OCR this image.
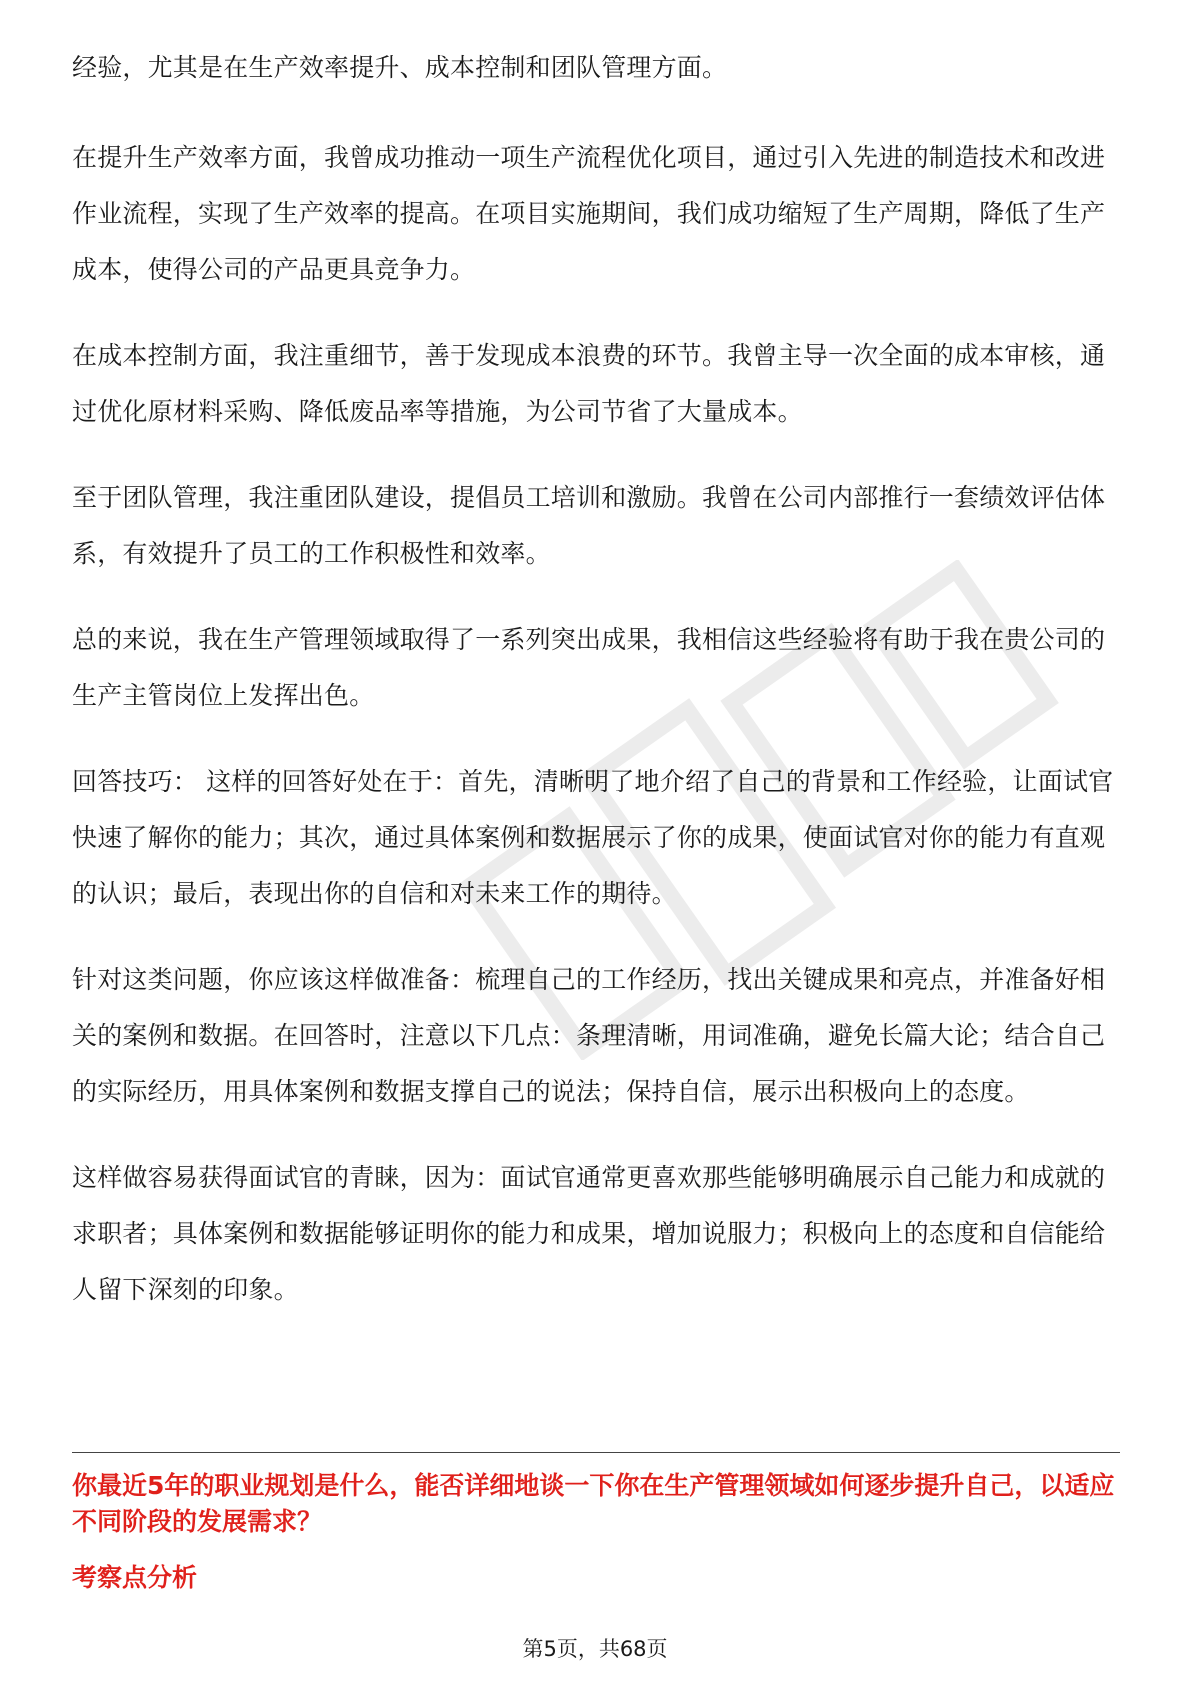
经验，尤其是在生产效率提升、成本控制和团队管理方面。

在提升生产效率方面，我曾成功推动一项生产流程优化项目，通过引入先进的制造技术和改进作业流程，实现了生产效率的提高。在项目实施期间，我们成功缩短了生产周期，降低了生产成本，使得公司的产品更具竞争力。

在成本控制方面，我注重细节，善于发现成本浪费的环节。我曾主导一次全面的成本审核，通过优化原材料采购、降低废品率等措施，为公司节省了大量成本。

至于团队管理，我注重团队建设，提倡员工培训和激励。我曾在公司内部推行一套绩效评估体系，有效提升了员工的工作积极性和效率。

总的来说，我在生产管理领域取得了一系列突出成果，我相信这些经验将有助于我在贵公司的生产主管岗位上发挥出色。

回答技巧： 这样的回答好处在于：首先，清晰明了地介绍了自己的背景和工作经验，让面试官快速了解你的能力；其次，通过具体案例和数据展示了你的成果，使面试官对你的能力有直观的认识；最后，表现出你的自信和对未来工作的期待。

针对这类问题，你应该这样做准备：梳理自己的工作经历，找出关键成果和亮点，并准备好相关的案例和数据。在回答时，注意以下几点：条理清晰，用词准确，避免长篇大论；结合自己的实际经历，用具体案例和数据支撑自己的说法；保持自信，展示出积极向上的态度。

这样做容易获得面试官的青睐，因为：面试官通常更喜欢那些能够明确展示自己能力和成就的求职者；具体案例和数据能够证明你的能力和成果，增加说服力；积极向上的态度和自信能给人留下深刻的印象。

你最近5年的职业规划是什么，能否详细地谈一下你在生产管理领域如何逐步提升自己，以适应不同阶段的发展需求？

考察点分析

第5页，共68页
